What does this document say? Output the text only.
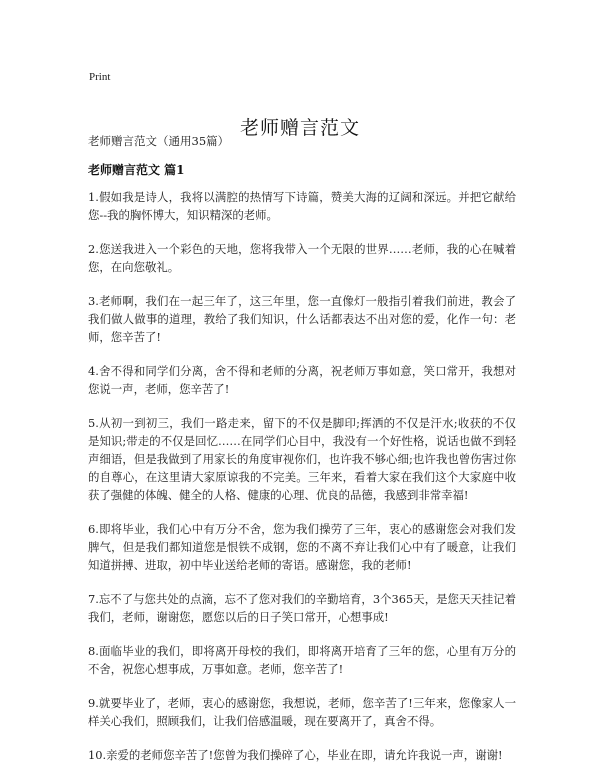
Print
老师赠言范文
老师赠言范文（通用35篇）
老师赠言范文 篇1
1.假如我是诗人，我将以满腔的热情写下诗篇，赞美大海的辽阔和深远。并把它献给您--我的胸怀博大，知识精深的老师。
2.您送我进入一个彩色的天地，您将我带入一个无限的世界……老师，我的心在喊着您，在向您敬礼。
3.老师啊，我们在一起三年了，这三年里，您一直像灯一般指引着我们前进，教会了我们做人做事的道理，教给了我们知识，什么话都表达不出对您的爱，化作一句：老师，您辛苦了!
4.舍不得和同学们分离，舍不得和老师的分离，祝老师万事如意，笑口常开，我想对您说一声，老师，您辛苦了!
5.从初一到初三，我们一路走来，留下的不仅是脚印;挥洒的不仅是汗水;收获的不仅是知识;带走的不仅是回忆……在同学们心目中，我没有一个好性格，说话也做不到轻声细语，但是我做到了用家长的角度审视你们，也许我不够心细;也许我也曾伤害过你的自尊心，在这里请大家原谅我的不完美。三年来，看着大家在我们这个大家庭中收获了强健的体魄、健全的人格、健康的心理、优良的品德，我感到非常幸福!
6.即将毕业，我们心中有万分不舍，您为我们操劳了三年，衷心的感谢您会对我们发脾气，但是我们都知道您是恨铁不成钢，您的不离不弃让我们心中有了暖意，让我们知道拼搏、进取，初中毕业送给老师的寄语。感谢您，我的老师!
7.忘不了与您共处的点滴，忘不了您对我们的辛勤培育，3个365天，是您天天挂记着我们，老师，谢谢您，愿您以后的日子笑口常开，心想事成!
8.面临毕业的我们，即将离开母校的我们，即将离开培育了三年的您，心里有万分的不舍，祝您心想事成，万事如意。老师，您辛苦了!
9.就要毕业了，老师，衷心的感谢您，我想说，老师，您辛苦了!三年来，您像家人一样关心我们，照顾我们，让我们倍感温暖，现在要离开了，真舍不得。
10.亲爱的老师您辛苦了!您曾为我们操碎了心，毕业在即，请允许我说一声，谢谢!
